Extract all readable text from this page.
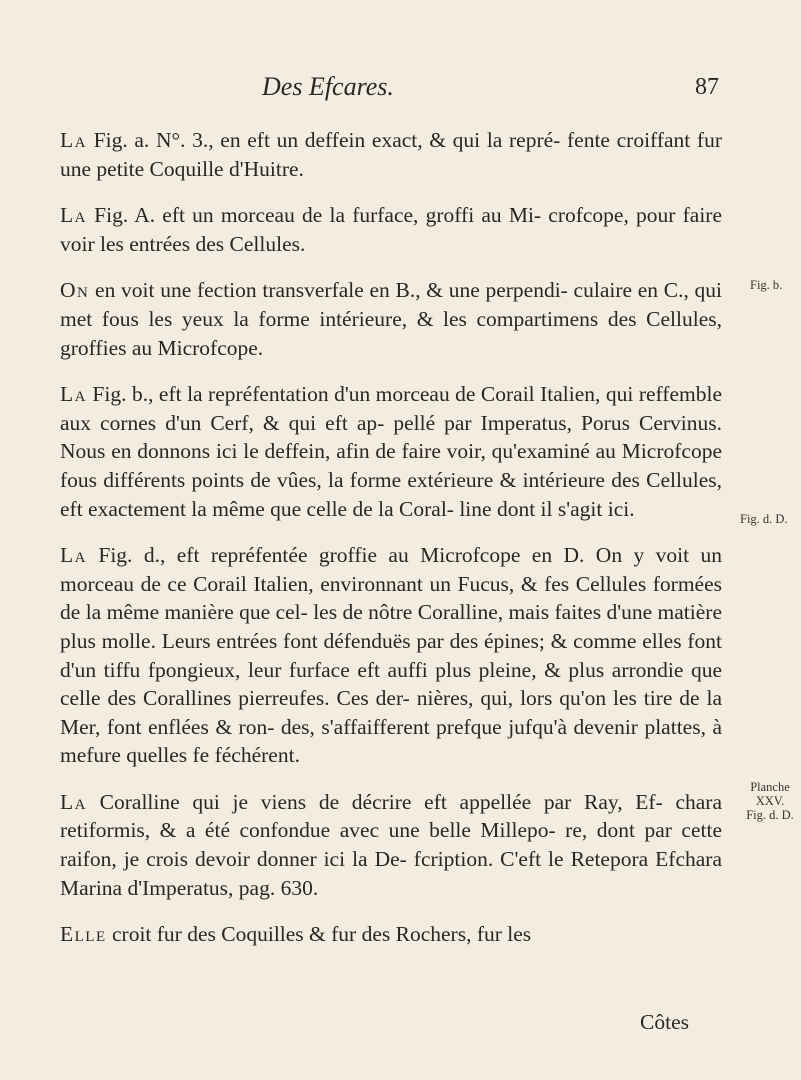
Des Efcares.	87

La Fig. a. N°. 3., en eft un deffein exact, & qui la repré- fente croiffant fur une petite Coquille d'Huitre.

La Fig. A. eft un morceau de la furface, groffi au Mi- crofcope, pour faire voir les entrées des Cellules.

On en voit une fection transverfale en B., & une perpendi- culaire en C., qui met fous les yeux la forme intérieure, & les compartimens des Cellules, groffies au Microfcope.

La Fig. b., eft la repréfentation d'un morceau de Corail Italien, qui reffemble aux cornes d'un Cerf, & qui eft ap- pellé par Imperatus, Porus Cervinus. Nous en donnons ici le deffein, afin de faire voir, qu'examiné au Microfcope fous différents points de vûes, la forme extérieure & intérieure des Cellules, eft exactement la même que celle de la Coral- line dont il s'agit ici.

La Fig. d., eft repréfentée groffie au Microfcope en D. On y voit un morceau de ce Corail Italien, environnant un Fucus, & fes Cellules formées de la même manière que cel- les de nôtre Coralline, mais faites d'une matière plus molle. Leurs entrées font défenduës par des épines; & comme elles font d'un tiffu fpongieux, leur furface eft auffi plus pleine, & plus arrondie que celle des Corallines pierreufes. Ces der- nières, qui, lors qu'on les tire de la Mer, font enflées & ron- des, s'affaifferent prefque jufqu'à devenir plattes, à mefure quelles fe féchérent.

La Coralline qui je viens de décrire eft appellée par Ray, Ef- chara retiformis, & a été confondue avec une belle Millepo- re, dont par cette raifon, je crois devoir donner ici la De- fcription. C'eft le Retepora Efchara Marina d'Imperatus, pag. 630.

Elle croit fur des Coquilles & fur des Rochers, fur les

Fig. b.
Fig. d. D.
Planche
XXV.
Fig. d. D.
Côtes
